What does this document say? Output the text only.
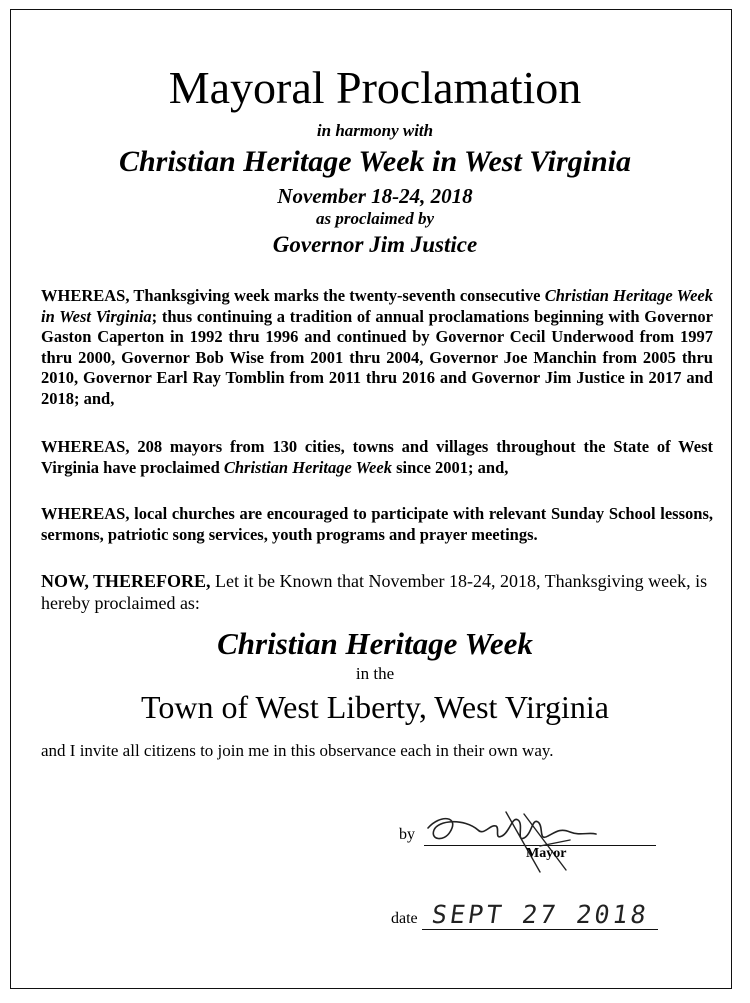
Mayoral Proclamation
in harmony with
Christian Heritage Week in West Virginia
November 18-24, 2018
as proclaimed by
Governor Jim Justice
WHEREAS, Thanksgiving week marks the twenty-seventh consecutive Christian Heritage Week in West Virginia; thus continuing a tradition of annual proclamations beginning with Governor Gaston Caperton in 1992 thru 1996 and continued by Governor Cecil Underwood from 1997 thru 2000, Governor Bob Wise from 2001 thru 2004, Governor Joe Manchin from 2005 thru 2010, Governor Earl Ray Tomblin from 2011 thru 2016 and Governor Jim Justice in 2017 and 2018; and,
WHEREAS, 208 mayors from 130 cities, towns and villages throughout the State of West Virginia have proclaimed Christian Heritage Week since 2001; and,
WHEREAS, local churches are encouraged to participate with relevant Sunday School lessons, sermons, patriotic song services, youth programs and prayer meetings.
NOW, THEREFORE, Let it be Known that November 18-24, 2018, Thanksgiving week, is hereby proclaimed as:
Christian Heritage Week
in the
Town of West Liberty, West Virginia
and I invite all citizens to join me in this observance each in their own way.
by
Mayor
date SEPT 27 2018
